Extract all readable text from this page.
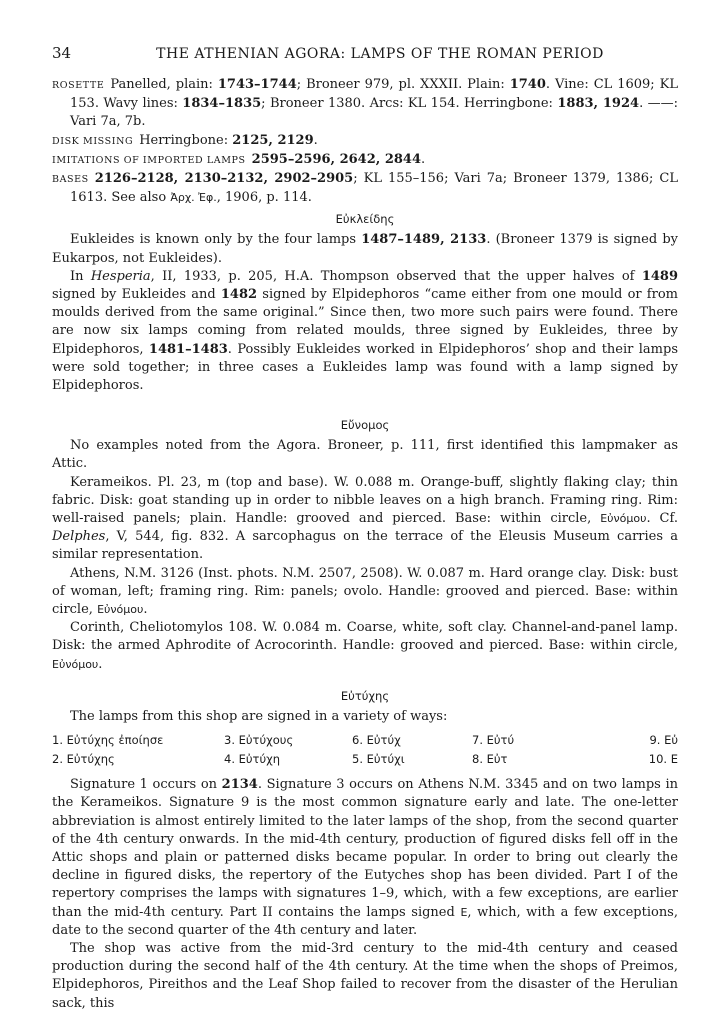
34	THE ATHENIAN AGORA: LAMPS OF THE ROMAN PERIOD

ROSETTE Panelled, plain: 1743–1744; Broneer 979, pl. XXXII. Plain: 1740. Vine: CL 1609; KL 153. Wavy lines: 1834–1835; Broneer 1380. Arcs: KL 154. Herringbone: 1883, 1924. ——: Vari 7a, 7b.

DISK MISSING Herringbone: 2125, 2129.

IMITATIONS OF IMPORTED LAMPS 2595–2596, 2642, 2844.

BASES 2126–2128, 2130–2132, 2902–2905; KL 155–156; Vari 7a; Broneer 1379, 1386; CL 1613. See also Ἀρχ. Ἐφ., 1906, p. 114.

Εὐκλείδης

Eukleides is known only by the four lamps 1487–1489, 2133. (Broneer 1379 is signed by Eukarpos, not Eukleides).

In Hesperia, II, 1933, p. 205, H.A. Thompson observed that the upper halves of 1489 signed by Eukleides and 1482 signed by Elpidephoros “came either from one mould or from moulds derived from the same original.” Since then, two more such pairs were found. There are now six lamps coming from related moulds, three signed by Eukleides, three by Elpidephoros, 1481–1483. Possibly Eukleides worked in Elpidephoros’ shop and their lamps were sold together; in three cases a Eukleides lamp was found with a lamp signed by Elpidephoros.

Εὔνομος

No examples noted from the Agora. Broneer, p. 111, first identified this lampmaker as Attic.

Kerameikos. Pl. 23, m (top and base). W. 0.088 m. Orange-buff, slightly flaking clay; thin fabric. Disk: goat standing up in order to nibble leaves on a high branch. Framing ring. Rim: well-raised panels; plain. Handle: grooved and pierced. Base: within circle, Εὐνόμου. Cf. Delphes, V, 544, fig. 832. A sarcophagus on the terrace of the Eleusis Museum carries a similar representation.

Athens, N.M. 3126 (Inst. phots. N.M. 2507, 2508). W. 0.087 m. Hard orange clay. Disk: bust of woman, left; framing ring. Rim: panels; ovolo. Handle: grooved and pierced. Base: within circle, Εὐνόμου.

Corinth, Cheliotomylos 108. W. 0.084 m. Coarse, white, soft clay. Channel-and-panel lamp. Disk: the armed Aphrodite of Acrocorinth. Handle: grooved and pierced. Base: within circle, Εὐνόμου.

Εὐτύχης

The lamps from this shop are signed in a variety of ways:

1. Εὐτύχης ἐποίησε	3. Εὐτύχους	6. Εὐτύχ	7. Εὐτύ	9. Εὐ
2. Εὐτύχης	4. Εὐτύχη	5. Εὐτύχι	8. Εὐτ	10. Ε

Signature 1 occurs on 2134. Signature 3 occurs on Athens N.M. 3345 and on two lamps in the Kerameikos. Signature 9 is the most common signature early and late. The one-letter abbreviation is almost entirely limited to the later lamps of the shop, from the second quarter of the 4th century onwards. In the mid-4th century, production of figured disks fell off in the Attic shops and plain or patterned disks became popular. In order to bring out clearly the decline in figured disks, the repertory of the Eutyches shop has been divided. Part I of the repertory comprises the lamps with signatures 1–9, which, with a few exceptions, are earlier than the mid-4th century. Part II contains the lamps signed Ε, which, with a few exceptions, date to the second quarter of the 4th century and later.

The shop was active from the mid-3rd century to the mid-4th century and ceased production during the second half of the 4th century. At the time when the shops of Preimos, Elpidephoros, Pireithos and the Leaf Shop failed to recover from the disaster of the Herulian sack, this
